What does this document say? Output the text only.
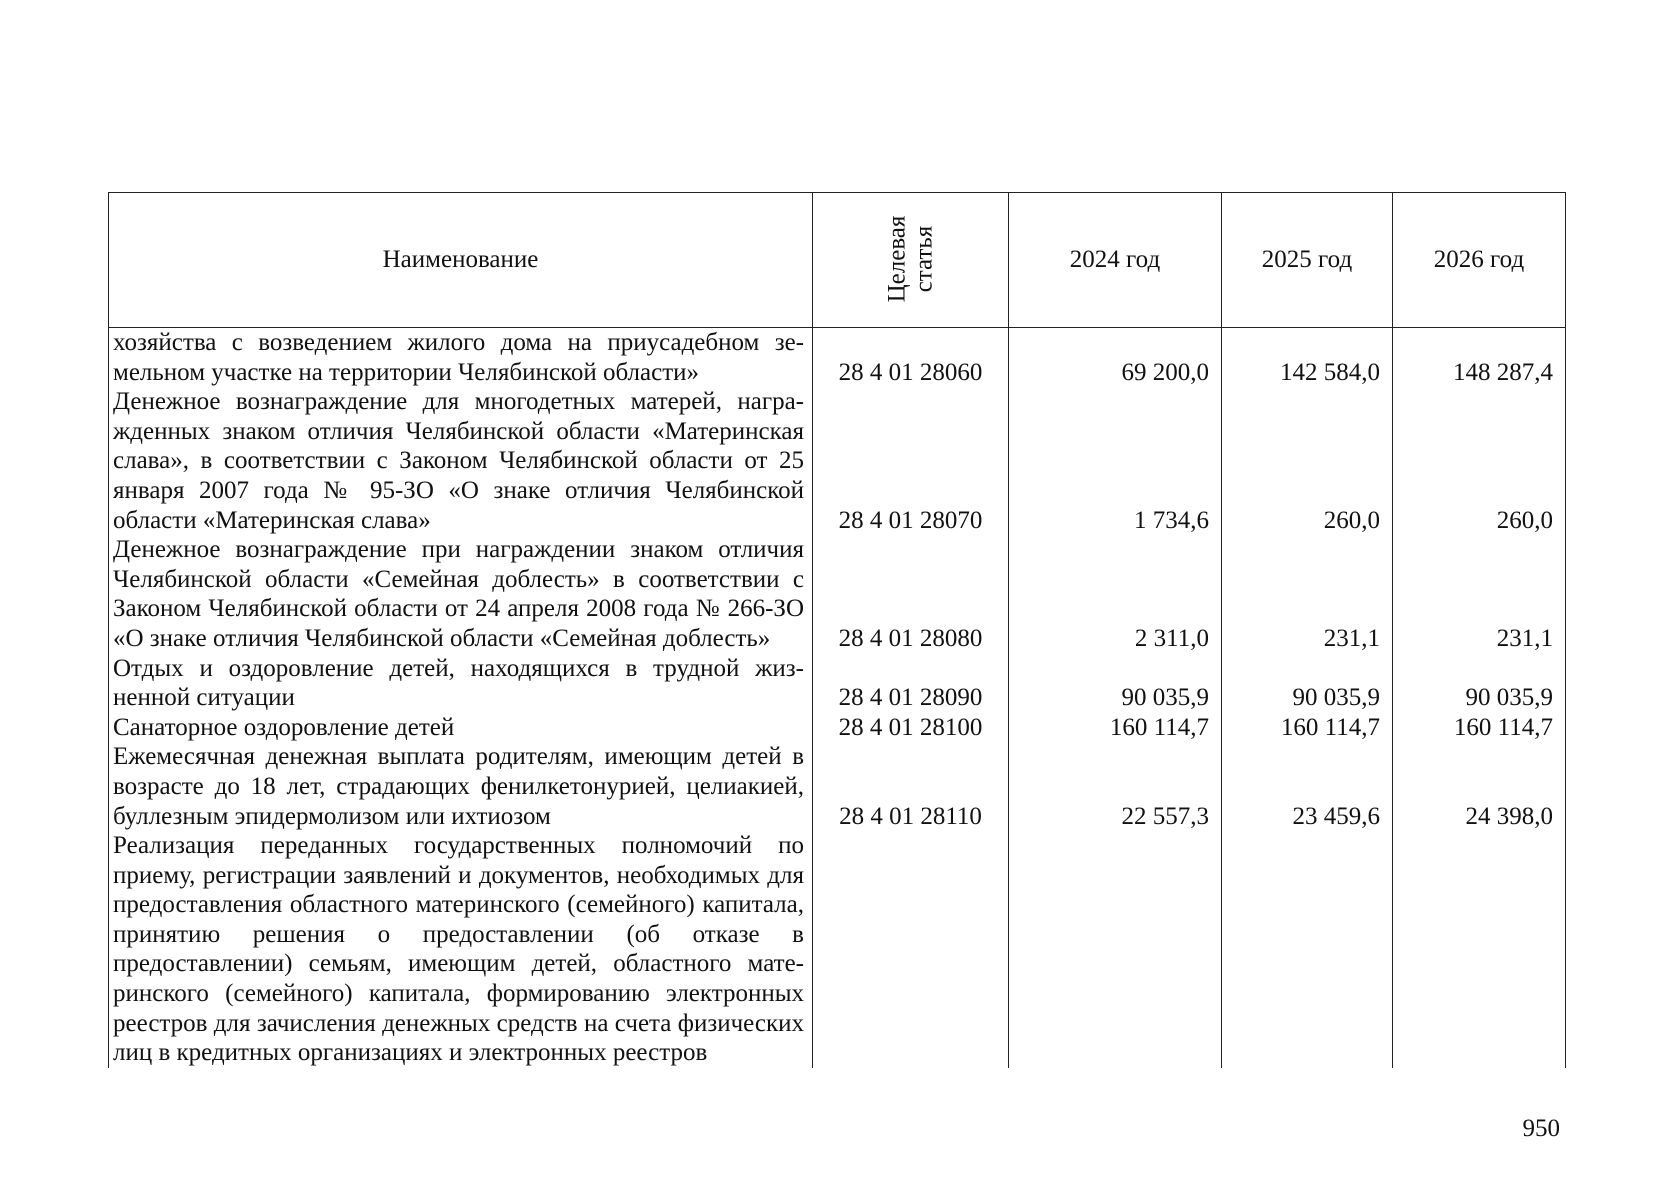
Наименование	Целевая статья	2024 год	2025 год	2026 год
хозяйства с возведением жилого дома на приусадебном земельном участке на территории Челябинской области»	28 4 01 28060	69 200,0	142 584,0	148 287,4
Денежное вознаграждение для многодетных матерей, награжденных знаком отличия Челябинской области «Материнская слава», в соответствии с Законом Челябинской области от 25 января 2007 года № 95-ЗО «О знаке отличия Челябинской области «Материнская слава»	28 4 01 28070	1 734,6	260,0	260,0
Денежное вознаграждение при награждении знаком отличия Челябинской области «Семейная доблесть» в соответствии с Законом Челябинской области от 24 апреля 2008 года № 266-ЗО «О знаке отличия Челябинской области «Семейная доблесть»	28 4 01 28080	2 311,0	231,1	231,1
Отдых и оздоровление детей, находящихся в трудной жизненной ситуации	28 4 01 28090	90 035,9	90 035,9	90 035,9
Санаторное оздоровление детей	28 4 01 28100	160 114,7	160 114,7	160 114,7
Ежемесячная денежная выплата родителям, имеющим детей в возрасте до 18 лет, страдающих фенилкетонурией, целиакией, буллезным эпидермолизом или ихтиозом	28 4 01 28110	22 557,3	23 459,6	24 398,0
Реализация переданных государственных полномочий по приему, регистрации заявлений и документов, необходимых для предоставления областного материнского (семейного) капитала, принятию решения о предоставлении (об отказе в предоставлении) семьям, имеющим детей, областного материнского (семейного) капитала, формированию электронных реестров для зачисления денежных средств на счета физических лиц в кредитных организациях и электронных реестров				
950
